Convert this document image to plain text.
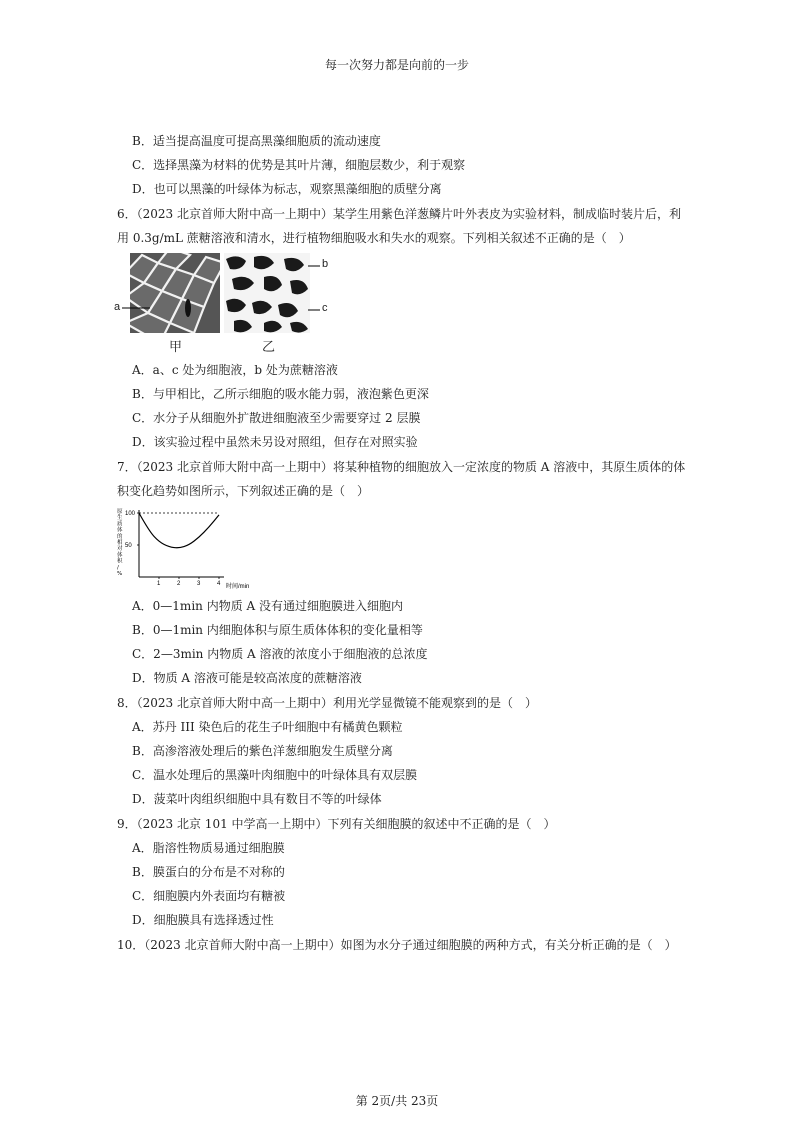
每一次努力都是向前的一步
B．适当提高温度可提高黑藻细胞质的流动速度
C．选择黑藻为材料的优势是其叶片薄，细胞层数少，利于观察
D．也可以黑藻的叶绿体为标志，观察黑藻细胞的质壁分离
6．（2023 北京首师大附中高一上期中）某学生用紫色洋葱鳞片叶外表皮为实验材料，制成临时装片后，利
用 0.3g/mL 蔗糖溶液和清水，进行植物细胞吸水和失水的观察。下列相关叙述不正确的是（　）
a
b
c
甲	乙
A．a、c 处为细胞液，b 处为蔗糖溶液
B．与甲相比，乙所示细胞的吸水能力弱，液泡紫色更深
C．水分子从细胞外扩散进细胞液至少需要穿过 2 层膜
D．该实验过程中虽然未另设对照组，但存在对照实验
7．（2023 北京首师大附中高一上期中）将某种植物的细胞放入一定浓度的物质 A 溶液中，其原生质体的体
积变化趋势如图所示，下列叙述正确的是（　）
原
生
质
体
的
相
对
体
积
/
%
50
100
1	2	3	4 时间/min
A．0—1min 内物质 A 没有通过细胞膜进入细胞内
B．0—1min 内细胞体积与原生质体体积的变化量相等
C．2—3min 内物质 A 溶液的浓度小于细胞液的总浓度
D．物质 A 溶液可能是较高浓度的蔗糖溶液
8．（2023 北京首师大附中高一上期中）利用光学显微镜不能观察到的是（　）
A．苏丹 III 染色后的花生子叶细胞中有橘黄色颗粒
B．高渗溶液处理后的紫色洋葱细胞发生质壁分离
C．温水处理后的黑藻叶肉细胞中的叶绿体具有双层膜
D．菠菜叶肉组织细胞中具有数目不等的叶绿体
9．（2023 北京 101 中学高一上期中）下列有关细胞膜的叙述中不正确的是（　）
A．脂溶性物质易通过细胞膜
B．膜蛋白的分布是不对称的
C．细胞膜内外表面均有糖被
D．细胞膜具有选择透过性
10．（2023 北京首师大附中高一上期中）如图为水分子通过细胞膜的两种方式，有关分析正确的是（　）
第 2页/共 23页
